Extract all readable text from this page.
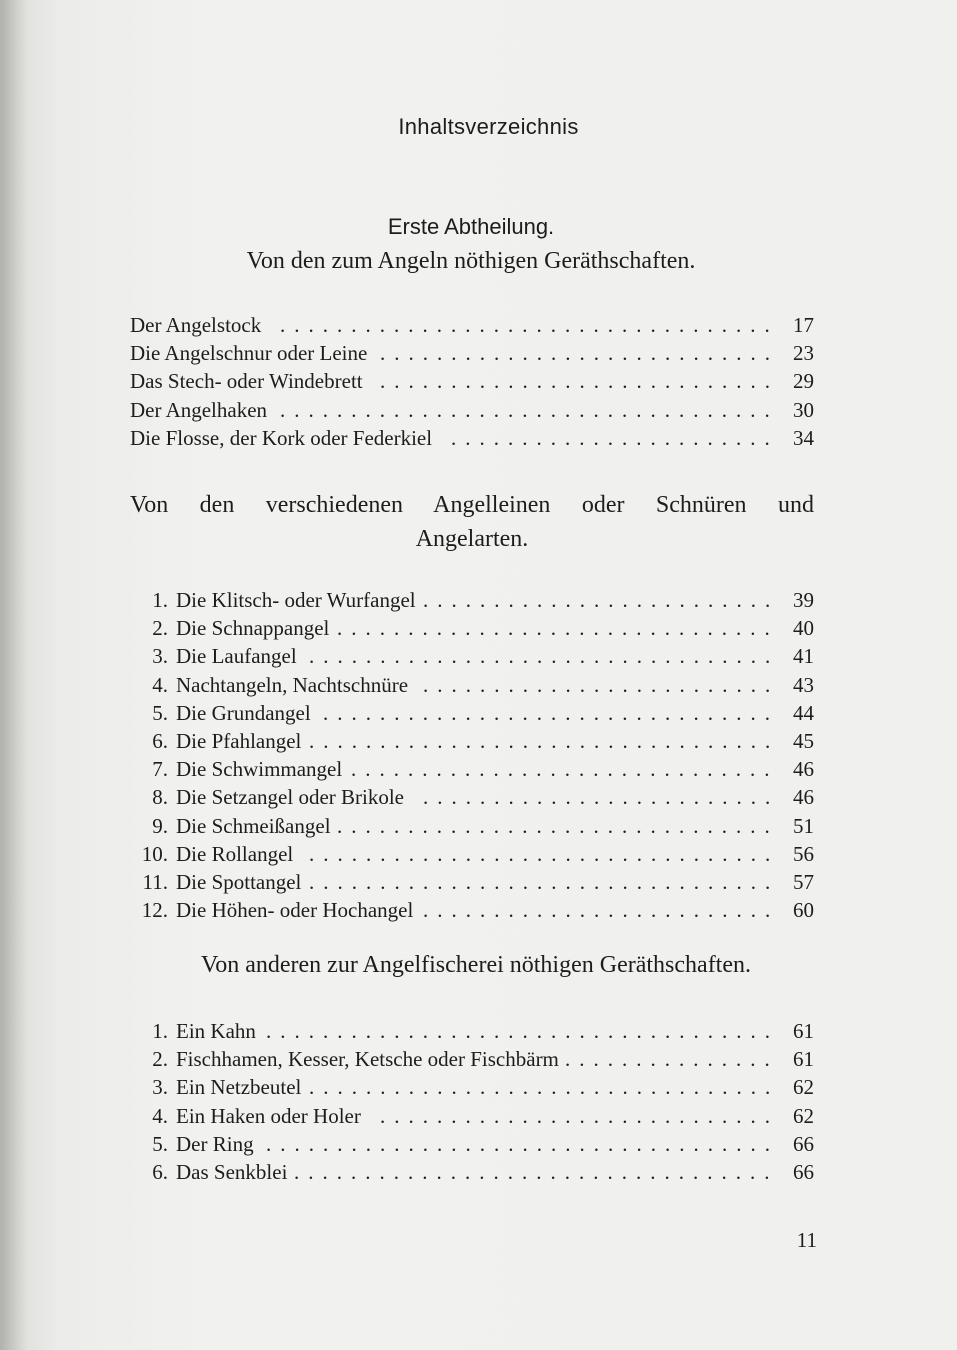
Inhaltsverzeichnis
Erste Abtheilung.
Von den zum Angeln nöthigen Geräthschaften.
Der Angelstock ................................... 17
Die Angelschnur oder Leine ............................ 23
Das Stech- oder Windebrett ............................ 29
Der Angelhaken ................................... 30
Die Flosse, der Kork oder Federkiel ....................... 34
Von den verschiedenen Angelleinen oder Schnüren und
Angelarten.
1. Die Klitsch- oder Wurfangel ......................... 39
2. Die Schnappangel ............................... 40
3. Die Laufangel ................................. 41
4. Nachtangeln, Nachtschnüre ......................... 43
5. Die Grundangel ................................ 44
6. Die Pfahlangel ................................. 45
7. Die Schwimmangel .............................. 46
8. Die Setzangel oder Brikole ......................... 46
9. Die Schmeißangel ............................... 51
10. Die Rollangel ................................. 56
11. Die Spottangel ................................. 57
12. Die Höhen- oder Hochangel ......................... 60
Von anderen zur Angelfischerei nöthigen Geräthschaften.
1. Ein Kahn .................................... 61
2. Fischhamen, Kesser, Ketsche oder Fischbärm ............... 61
3. Ein Netzbeutel ................................. 62
4. Ein Haken oder Holer ............................ 62
5. Der Ring .................................... 66
6. Das Senkblei .................................. 66
11
